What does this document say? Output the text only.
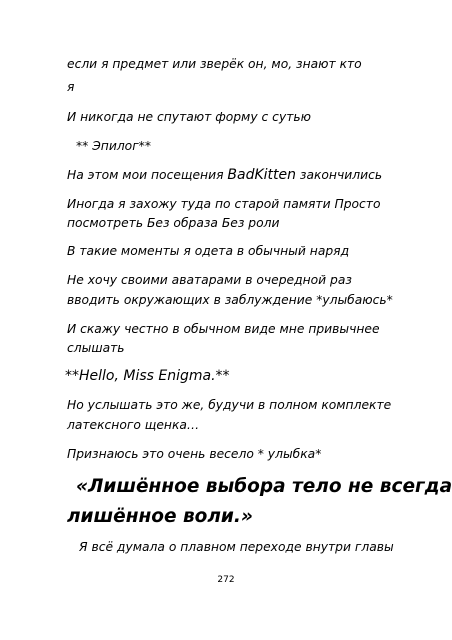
если я предмет или зверёк он, мо, знают кто
я
И никогда не спутают форму с сутью
** Эпилог**
На этом мои посещения BadKitten закончились
Иногда я захожу туда по старой памяти Просто
посмотреть Без образа Без роли
В такие моменты я одета в обычный наряд
Не хочу своими аватарами в очередной раз
вводить окружающих в заблуждение *улыбаюсь*
И скажу честно в обычном виде мне привычнее
слышать
**Hello, Miss Enigma.**
Но услышать это же, будучи в полном комплекте
латексного щенка…
Признаюсь это очень весело * улыбка*
«Лишённое выбора тело не всегда
лишённое воли.»
Я всё думала о плавном переходе внутри главы
272
